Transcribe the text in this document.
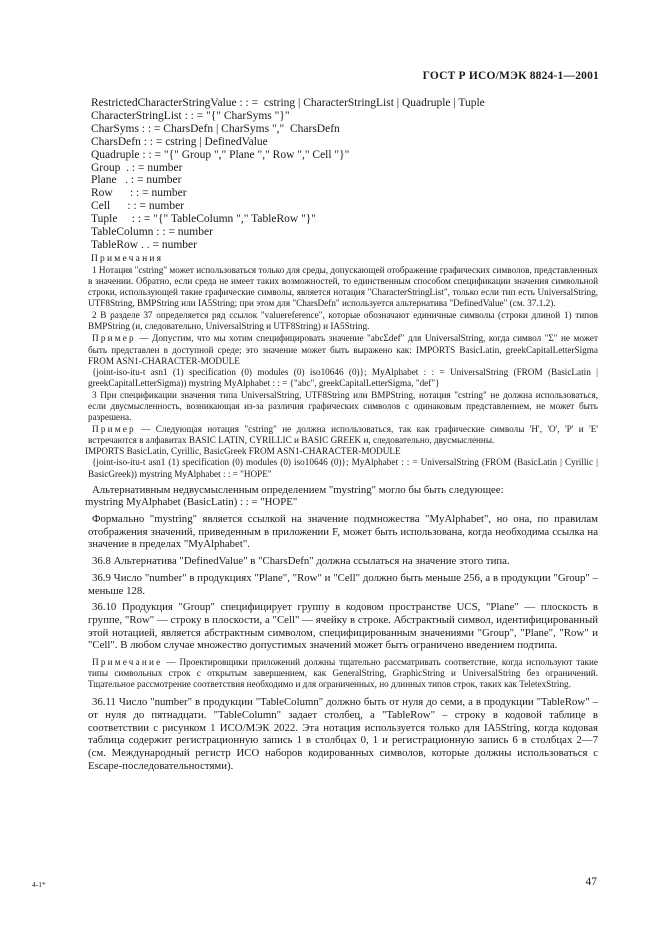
ГОСТ Р ИСО/МЭК 8824-1—2001
RestrictedCharacterStringValue : : =  cstring | CharacterStringList | Quadruple | Tuple
CharacterStringList : : = "{" CharSyms "}"
CharSyms : : = CharsDefn | CharSyms ","  CharsDefn
CharsDefn : : = cstring | DefinedValue
Quadruple : : = "{" Group "," Plane "," Row "," Cell "}"
Group  . : = number
Plane   . : = number
Row      : : = number
Cell      : : = number
Tuple     : : = "{" TableColumn "," TableRow "}"
TableColumn : : = number
TableRow . . = number
Примечания

1 Нотация "cstring" может использоваться только для среды, допускающей отображение графических символов, представленных в значении. Обратно, если среда не имеет таких возможностей, то единственным способом спецификации значения символьной строки, использующей такие графические символы, является нотация "CharacterStringList", только если тип есть UniversalString, UTF8String, BMPString или IA5String; при этом для "CharsDefn" используется альтернатива "DefinedValue" (см. 37.1.2).

2 В разделе 37 определяется ряд ссылок "valuereference", которые обозначают единичные символы (строки длиной 1) типов BMPString (и, следовательно, UniversalString и UTF8String) и IA5String.

Пример — Допустим, что мы хотим специфицировать значение "abcΣdef" для UniversalString, когда символ "Σ" не может быть представлен в доступной среде; это значение может быть выражено как: IMPORTS BasicLatin, greekCapitalLetterSigma FROM ASN1-CHARACTER-MODULE

{joint-iso-itu-t asn1 (1) specification (0) modules (0) iso10646 (0)}; MyAlphabet : : = UniversalString (FROM (BasicLatin | greekCapitalLetterSigma)) mystring MyAlphabet : : = {"abc", greekCapitalLetterSigma, "def"}

3 При спецификации значения типа UniversalString, UTF8String или BMPString, нотация "cstring" не должна использоваться, если двусмысленность, возникающая из-за различия графических символов с одинаковым представлением, не может быть разрешена.

Пример — Следующая нотация "cstring" не должна использоваться, так как графические символы 'H', 'O', 'P' и 'E' встречаются в алфавитах BASIC LATIN, CYRILLIC и BASIC GREEK и, следовательно, двусмысленны.

IMPORTS BasicLatin, Cyrillic, BasicGreek FROM ASN1-CHARACTER-MODULE

{joint-iso-itu-t asn1 (1) specification (0) modules (0) iso10646 (0)}; MyAlphabet : : = UniversalString (FROM (BasicLatin | Cyrillic | BasicGreek)) mystring MyAlphabet : : = "HOPE"

Альтернативным недвусмысленным определением "mystring" могло бы быть следующее:

mystring MyAlphabet (BasicLatin) : : = "HOPE"

Формально "mystring" является ссылкой на значение подмножества "MyAlphabet", но она, по правилам отображения значений, приведенным в приложении F, может быть использована, когда необходима ссылка на значение в пределах "MyAlphabet".

36.8 Альтернатива "DefinedValue" в "CharsDefn" должна ссылаться на значение этого типа.

36.9 Число "number" в продукциях "Plane", "Row" и "Cell" должно быть меньше 256, а в продукции "Group" – меньше 128.

36.10 Продукция "Group" специфицирует группу в кодовом пространстве UCS, "Plane" — плоскость в группе, "Row" — строку в плоскости, а "Cell" — ячейку в строке. Абстрактный символ, идентифицированный этой нотацией, является абстрактным символом, специфицированным значениями "Group", "Plane", "Row" и "Cell". В любом случае множество допустимых значений может быть ограничено введением подтипа.

Примечание — Проектировщики приложений должны тщательно рассматривать соответствие, когда используют такие типы символьных строк с открытым завершением, как GeneralString, GraphicString и UniversalString без ограничений. Тщательное рассмотрение соответствия необходимо и для ограниченных, но длинных типов строк, таких как TeletexString.

36.11 Число "number" в продукции "TableColumn" должно быть от нуля до семи, а в продукции "TableRow" – от нуля до пятнадцати. "TableColumn" задает столбец, а "TableRow" – строку в кодовой таблице в соответствии с рисунком 1 ИСО/МЭК 2022. Эта нотация используется только для IA5String, когда кодовая таблица содержит регистрационную запись 1 в столбцах 0, 1 и регистрационную запись 6 в столбцах 2—7 (см. Международный регистр ИСО наборов кодированных символов, которые должны использоваться с Escape-последовательностями).

4-1*	47
